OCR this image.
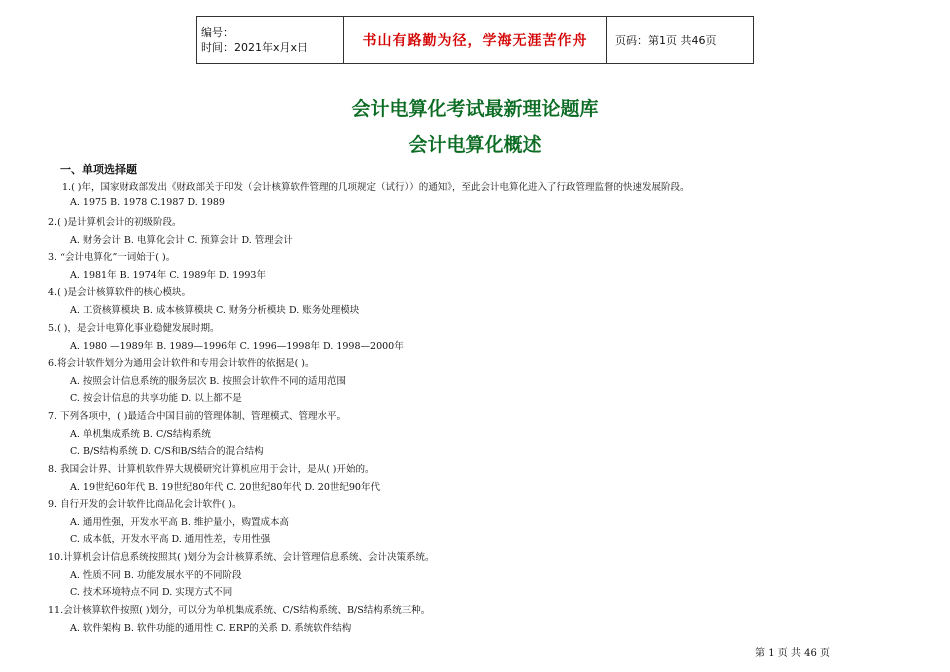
编号：
时间：2021年x月x日	书山有路勤为径，学海无涯苦作舟	页码：第1页 共46页
会计电算化考试最新理论题库
会计电算化概述

一、单项选择题

1.( )年，国家财政部发出《财政部关于印发（会计核算软件管理的几项规定（试行））的通知》，至此会计电算化进入了行政管理监督的快速发展阶段。
A. 1975 B. 1978 C.1987 D. 1989
2.( )是计算机会计的初级阶段。
A. 财务会计 B. 电算化会计 C. 预算会计 D. 管理会计
3. “会计电算化”一词始于( )。
A. 1981年 B. 1974年 C. 1989年 D. 1993年
4.( )是会计核算软件的核心模块。
A. 工资核算模块 B. 成本核算模块 C. 财务分析模块 D. 账务处理模块
5.( )，是会计电算化事业稳健发展时期。
A. 1980 —1989年 B. 1989—1996年 C. 1996—1998年 D. 1998—2000年
6.将会计软件划分为通用会计软件和专用会计软件的依据是( )。
A. 按照会计信息系统的服务层次 B. 按照会计软件不同的适用范围
C. 按会计信息的共享功能 D. 以上都不是
7. 下列各项中，( )最适合中国目前的管理体制、管理模式、管理水平。
A. 单机集成系统 B. C/S结构系统
C. B/S结构系统 D. C/S和B/S结合的混合结构
8. 我国会计界、计算机软件界大规模研究计算机应用于会计，是从( )开始的。
A. 19世纪60年代 B. 19世纪80年代 C. 20世纪80年代 D. 20世纪90年代
9. 自行开发的会计软件比商品化会计软件( )。
A. 通用性强，开发水平高 B. 维护量小，购置成本高
C. 成本低，开发水平高 D. 通用性差，专用性强
10.计算机会计信息系统按照其( )划分为会计核算系统、会计管理信息系统、会计决策系统。
A. 性质不同 B. 功能发展水平的不同阶段
C. 技术环境特点不同 D. 实现方式不同
11.会计核算软件按照( )划分，可以分为单机集成系统、C/S结构系统、B/S结构系统三种。
A. 软件架构 B. 软件功能的通用性 C. ERP的关系 D. 系统软件结构
第 1 页 共 46 页
